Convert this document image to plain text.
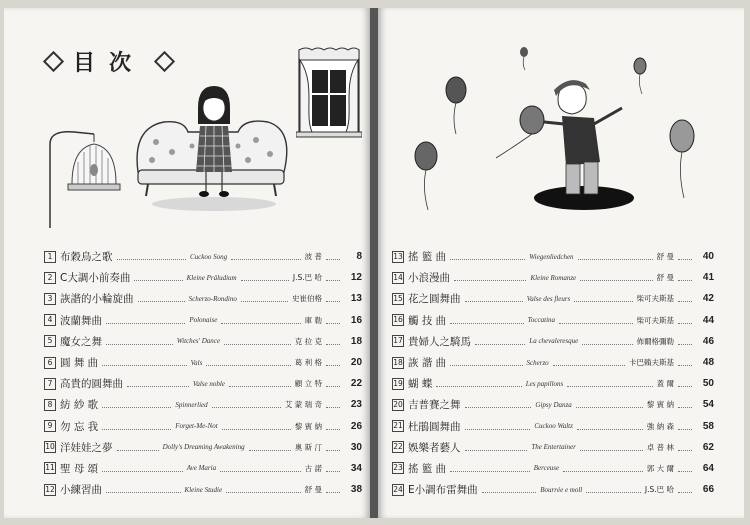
目次
1 布穀鳥之歌	Cuckoo Song	波 普	8
2 C大調小前奏曲	Kleine Präludium	J.S.巴 哈	12
3 詼諧的小輪旋曲	Scherzo-Rondino	史崔伯格	13
4 波蘭舞曲	Polonaise	庫 勒	16
5 魔女之舞	Witches' Dance	克 拉 克	18
6 圓 舞 曲	Vals	葛 利 格	20
7 高貴的圓舞曲	Valse noble	顧 立 特	22
8 紡 紗 歌	Spinnerlied	艾 蒙 瑞 奇	23
9 勿 忘 我	Forget-Me-Not	黎 賓 納	26
10 洋娃娃之夢	Dolly's Dreaming Awakening	奧 斯 汀	30
11 聖 母 頌	Ave Maria	古 諾	34
12 小練習曲	Kleine Studie	舒 曼	38
13 搖 籃 曲	Wiegenliedchen	舒 曼	40
14 小浪漫曲	Kleine Romanze	舒 曼	41
15 花之圓舞曲	Valse des fleurs	柴可夫斯基	42
16 觸 技 曲	Toccatina	柴可夫斯基	44
17 貴婦人之騎馬	La chevaleresque	佈爾格彌勒	46
18 詼 諧 曲	Scherzo	卡巴賴夫斯基	48
19 蝴 蝶	Les papillons	蓋 爾	50
20 吉普賽之舞	Gipsy Danza	黎 賓 納	54
21 杜鵑圓舞曲	Cuckoo Waltz	強 納 森	58
22 娛樂者藝人	The Entertainer	卓 普 林	62
23 搖 籃 曲	Berceuse	郭 大 爾	64
24 E小調布雷舞曲	Bourrée e moll	J.S.巴 哈	66
